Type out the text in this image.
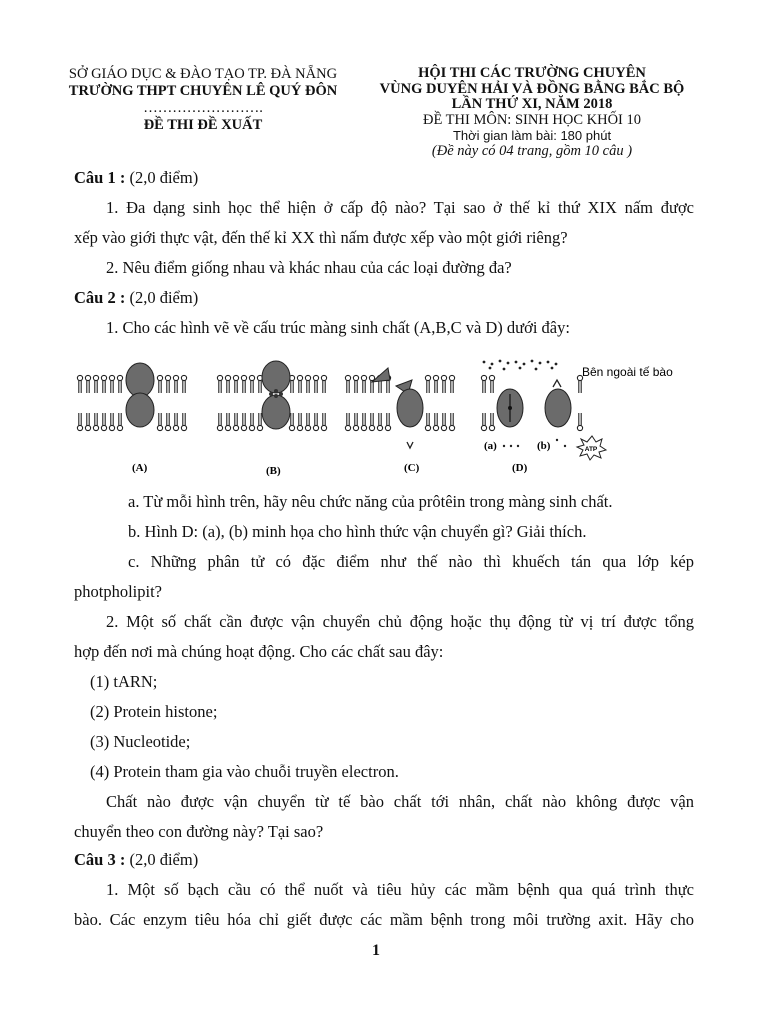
SỞ GIÁO DỤC & ĐÀO TẠO TP. ĐÀ NẴNG
TRƯỜNG THPT CHUYÊN LÊ QUÝ ĐÔN
…………………….
ĐỀ THI ĐỀ XUẤT
HỘI THI CÁC TRƯỜNG CHUYÊN
VÙNG DUYÊN HẢI VÀ ĐỒNG BẰNG BẮC BỘ
LẦN THỨ XI, NĂM 2018
ĐỀ THI MÔN: SINH HỌC KHỐI 10
Thời gian làm bài: 180 phút
(Đề này có 04 trang, gồm 10 câu )
Câu 1 : (2,0 điểm)
1. Đa dạng sinh học thể hiện ở cấp độ nào? Tại sao ở thế kỉ thứ XIX nấm được
xếp vào giới thực vật, đến thế kỉ XX thì nấm được xếp vào một giới riêng?
2. Nêu điểm giống nhau và khác nhau của các loại đường đa?
Câu 2 : (2,0 điểm)
1. Cho các hình vẽ về cấu trúc màng sinh chất (A,B,C và D) dưới đây:
ATP
(a)	(b)
Bên ngoài tế bào
(A)	(B)	(C)	(D)
a. Từ mỗi hình trên, hãy nêu chức năng của prôtêin trong màng sinh chất.
b. Hình D: (a), (b) minh họa cho hình thức vận chuyển gì? Giải thích.
c. Những phân tử có đặc điểm như thế nào thì khuếch tán qua lớp kép
photpholipit?
2. Một số chất cần được vận chuyển chủ động hoặc thụ động từ vị trí được tổng
hợp đến nơi mà chúng hoạt động. Cho các chất sau đây:
(1) tARN;
(2) Protein histone;
(3) Nucleotide;
(4) Protein tham gia vào chuỗi truyền electron.
Chất nào được vận chuyển từ tế bào chất tới nhân, chất nào không được vận
chuyển theo con đường này? Tại sao?
Câu 3 : (2,0 điểm)
1. Một số bạch cầu có thể nuốt và tiêu hủy các mầm bệnh qua quá trình thực
bào. Các enzym tiêu hóa chỉ giết được các mầm bệnh trong môi trường axit. Hãy cho
1
